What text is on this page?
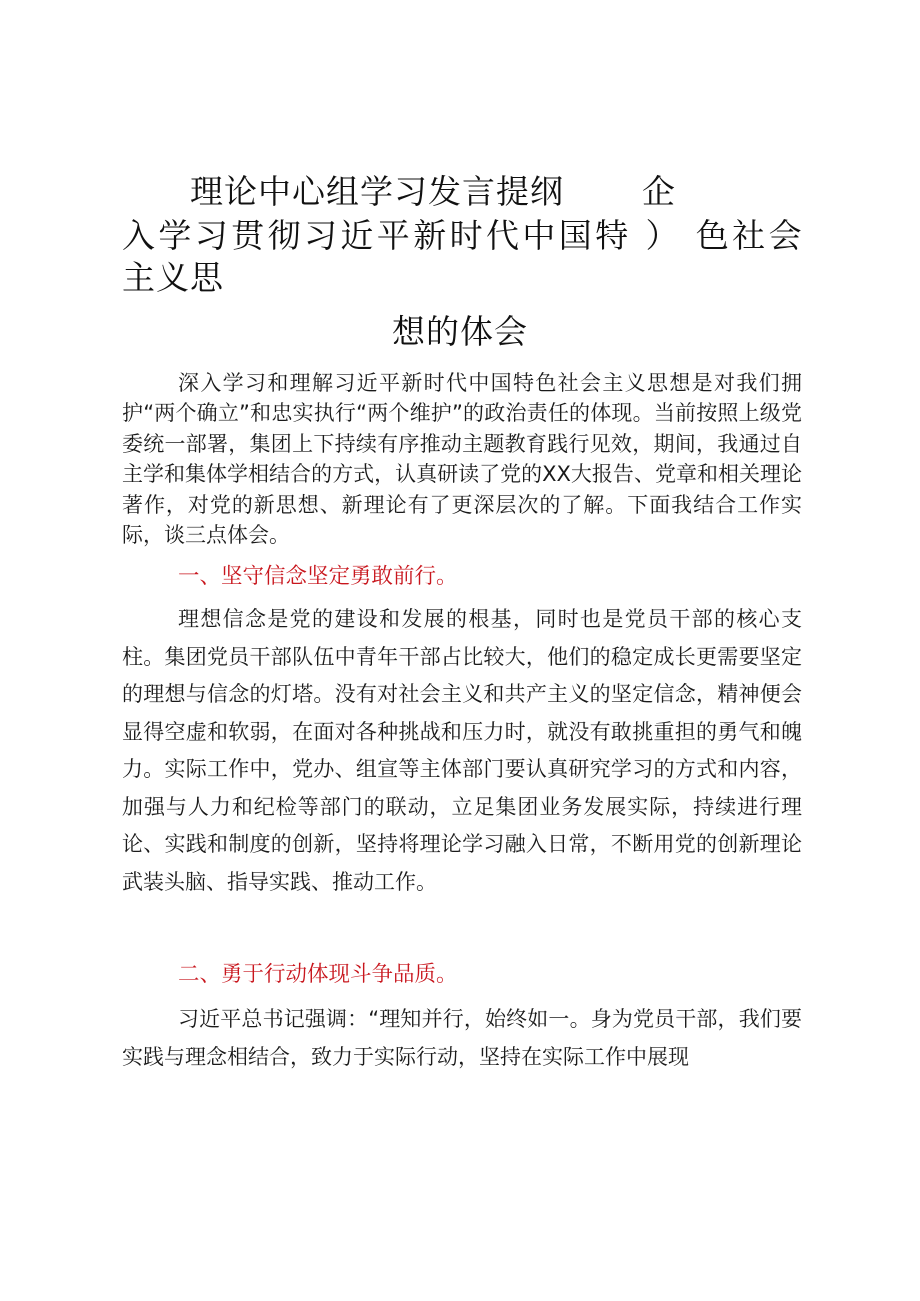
理论中心组学习发言提纲 企
入学习贯彻习近平新时代中国特 ） 色社会
主义思
想的体会

深入学习和理解习近平新时代中国特色社会主义思想是对我们拥护“两个确立”和忠实执行“两个维护”的政治责任的体现。当前按照上级党委统一部署，集团上下持续有序推动主题教育践行见效，期间，我通过自主学和集体学相结合的方式，认真研读了党的XX大报告、党章和相关理论著作，对党的新思想、新理论有了更深层次的了解。下面我结合工作实际，谈三点体会。

一、坚守信念坚定勇敢前行。

理想信念是党的建设和发展的根基，同时也是党员干部的核心支柱。集团党员干部队伍中青年干部占比较大，他们的稳定成长更需要坚定的理想与信念的灯塔。没有对社会主义和共产主义的坚定信念，精神便会显得空虚和软弱，在面对各种挑战和压力时，就没有敢挑重担的勇气和魄力。实际工作中，党办、组宣等主体部门要认真研究学习的方式和内容，加强与人力和纪检等部门的联动，立足集团业务发展实际，持续进行理论、实践和制度的创新，坚持将理论学习融入日常，不断用党的创新理论武装头脑、指导实践、推动工作。

二、勇于行动体现斗争品质。

习近平总书记强调：“理知并行，始终如一。身为党员干部，我们要实践与理念相结合，致力于实际行动，坚持在实际工作中展现
